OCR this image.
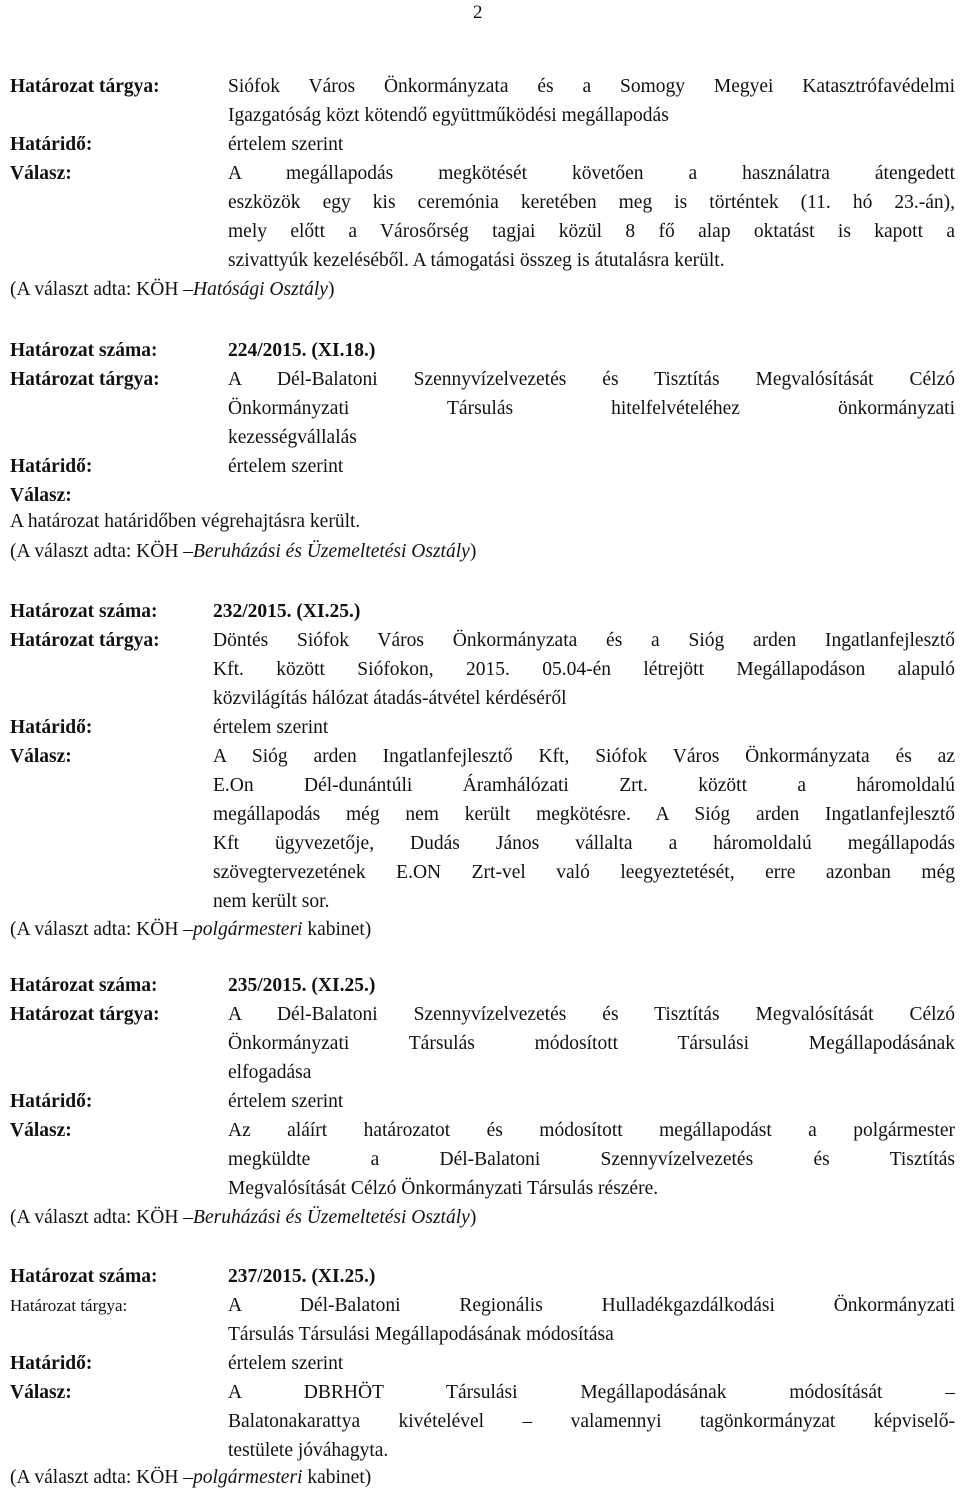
2
Határozat tárgya:	Siófok Város Önkormányzata és a Somogy Megyei Katasztrófavédelmi
Igazgatóság közt kötendő együttműködési megállapodás
Határidő:	értelem szerint
Válasz:	A megállapodás megkötését követően a használatra átengedett
eszközök egy kis ceremónia keretében meg is történtek (11. hó 23.-án),
mely előtt a Városőrség tagjai közül 8 fő alap oktatást is kapott a
szivattyúk kezeléséből. A támogatási összeg is átutalásra került.
(A választ adta: KÖH –Hatósági Osztály)
Határozat száma:	224/2015. (XI.18.)
Határozat tárgya:	A Dél-Balatoni Szennyvízelvezetés és Tisztítás Megvalósítását Célzó
Önkormányzati Társulás hitelfelvételéhez önkormányzati
kezességvállalás
Határidő:	értelem szerint
Válasz:
A határozat határidőben végrehajtásra került.
(A választ adta: KÖH –Beruházási és Üzemeltetési Osztály)
Határozat száma:	232/2015. (XI.25.)
Határozat tárgya:	Döntés Siófok Város Önkormányzata és a Sióg arden Ingatlanfejlesztő
Kft. között Siófokon, 2015. 05.04-én létrejött Megállapodáson alapuló
közvilágítás hálózat átadás-átvétel kérdéséről
Határidő:	értelem szerint
Válasz:	A Sióg arden Ingatlanfejlesztő Kft, Siófok Város Önkormányzata és az
E.On Dél-dunántúli Áramhálózati Zrt. között a háromoldalú
megállapodás még nem került megkötésre. A Sióg arden Ingatlanfejlesztő
Kft ügyvezetője, Dudás János vállalta a háromoldalú megállapodás
szövegtervezetének E.ON Zrt-vel való leegyeztetését, erre azonban még
nem került sor.
(A választ adta: KÖH –polgármesteri kabinet)
Határozat száma:	235/2015. (XI.25.)
Határozat tárgya:	A Dél-Balatoni Szennyvízelvezetés és Tisztítás Megvalósítását Célzó
Önkormányzati Társulás módosított Társulási Megállapodásának
elfogadása
Határidő:	értelem szerint
Válasz:	Az aláírt határozatot és módosított megállapodást a polgármester
megküldte a Dél-Balatoni Szennyvízelvezetés és Tisztítás
Megvalósítását Célzó Önkormányzati Társulás részére.
(A választ adta: KÖH –Beruházási és Üzemeltetési Osztály)
Határozat száma:	237/2015. (XI.25.)
Határozat tárgya:	A Dél-Balatoni Regionális Hulladékgazdálkodási Önkormányzati
Társulás Társulási Megállapodásának módosítása
Határidő:	értelem szerint
Válasz:	A DBRHÖT Társulási Megállapodásának módosítását –
Balatonakarattya kivételével – valamennyi tagönkormányzat képviselő-
testülete jóváhagyta.
(A választ adta: KÖH –polgármesteri kabinet)
